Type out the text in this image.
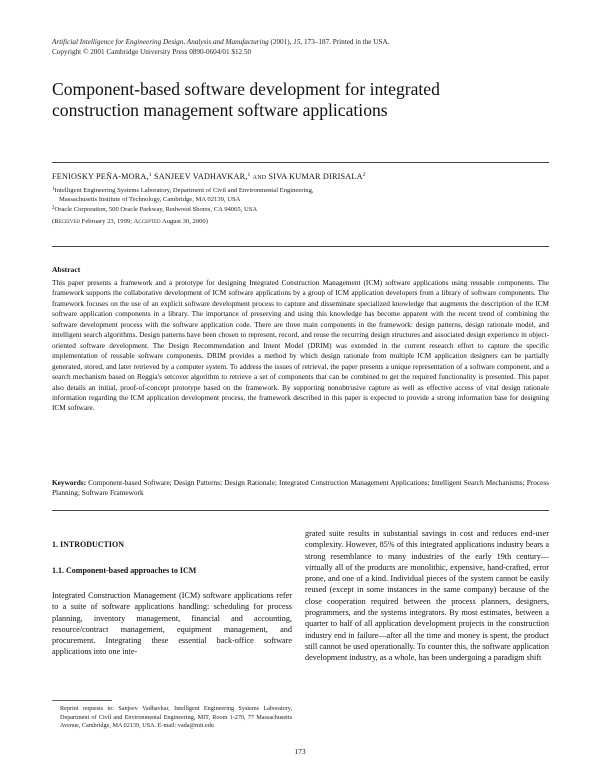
Artificial Intelligence for Engineering Design, Analysis and Manufacturing (2001), 15, 173–187. Printed in the USA.
Copyright © 2001 Cambridge University Press 0890-0604/01 $12.50
Component-based software development for integrated
construction management software applications
FENIOSKY PEÑA-MORA,$^1$ SANJEEV VADHAVKAR,$^1$ and SIVA KUMAR DIRISALA$^2$
$^1$Intelligent Engineering Systems Laboratory, Department of Civil and Environmental Engineering,
Massachusetts Institute of Technology, Cambridge, MA 02139, USA
$^2$Oracle Corporation, 500 Oracle Parkway, Redwood Shores, CA 94065, USA
(Received February 23, 1999; Accepted August 30, 2000)
Abstract
This paper presents a framework and a prototype for designing Integrated Construction Management (ICM) software applications using reusable components. The framework supports the collaborative development of ICM software applications by a group of ICM application developers from a library of software components. The framework focuses on the use of an explicit software development process to capture and disseminate specialized knowledge that augments the description of the ICM software application components in a library. The importance of preserving and using this knowledge has become apparent with the recent trend of combining the software development process with the software application code. There are three main components in the framework: design patterns, design rationale model, and intelligent search algorithms. Design patterns have been chosen to represent, record, and reuse the recurring design structures and associated design experience in object-oriented software development. The Design Recommendation and Intent Model (DRIM) was extended in the current research effort to capture the specific implementation of reusable software components. DRIM provides a method by which design rationale from multiple ICM application designers can be partially generated, stored, and later retrieved by a computer system. To address the issues of retrieval, the paper presents a unique representation of a software component, and a search mechanism based on Reggia's setcover algorithm to retrieve a set of components that can be combined to get the required functionality is presented. This paper also details an initial, proof-of-concept prototype based on the framework. By supporting nonobtrusive capture as well as effective access of vital design rationale information regarding the ICM application development process, the framework described in this paper is expected to provide a strong information base for designing ICM software.
Keywords: Component-based Software; Design Patterns; Design Rationale; Integrated Construction Management Applications; Intelligent Search Mechanisms; Process Planning; Software Framework
1. INTRODUCTION
1.1. Component-based approaches to ICM
Integrated Construction Management (ICM) software applications refer to a suite of software applications handling: scheduling for process planning, inventory management, financial and accounting, resource/contract management, equipment management, and procurement. Integrating these essential back-office software applications into one inte-
grated suite results in substantial savings in cost and reduces end-user complexity. However, 85% of this integrated applications industry bears a strong resemblance to many industries of the early 19th century—virtually all of the products are monolithic, expensive, hand-crafted, error prone, and one of a kind. Individual pieces of the system cannot be easily reused (except in some instances in the same company) because of the close cooperation required between the process planners, designers, programmers, and the systems integrators. By most estimates, between a quarter to half of all application development projects in the construction industry end in failure—after all the time and money is spent, the product still cannot be used operationally. To counter this, the software application development industry, as a whole, has been undergoing a paradigm shift
Reprint requests to: Sanjeev Vadhavkar, Intelligent Engineering Systems Laboratory, Department of Civil and Environmental Engineering, MIT, Room 1-270, 77 Massachusetts Avenue, Cambridge, MA 02139, USA. E-mail: vada@mit.edu
173
